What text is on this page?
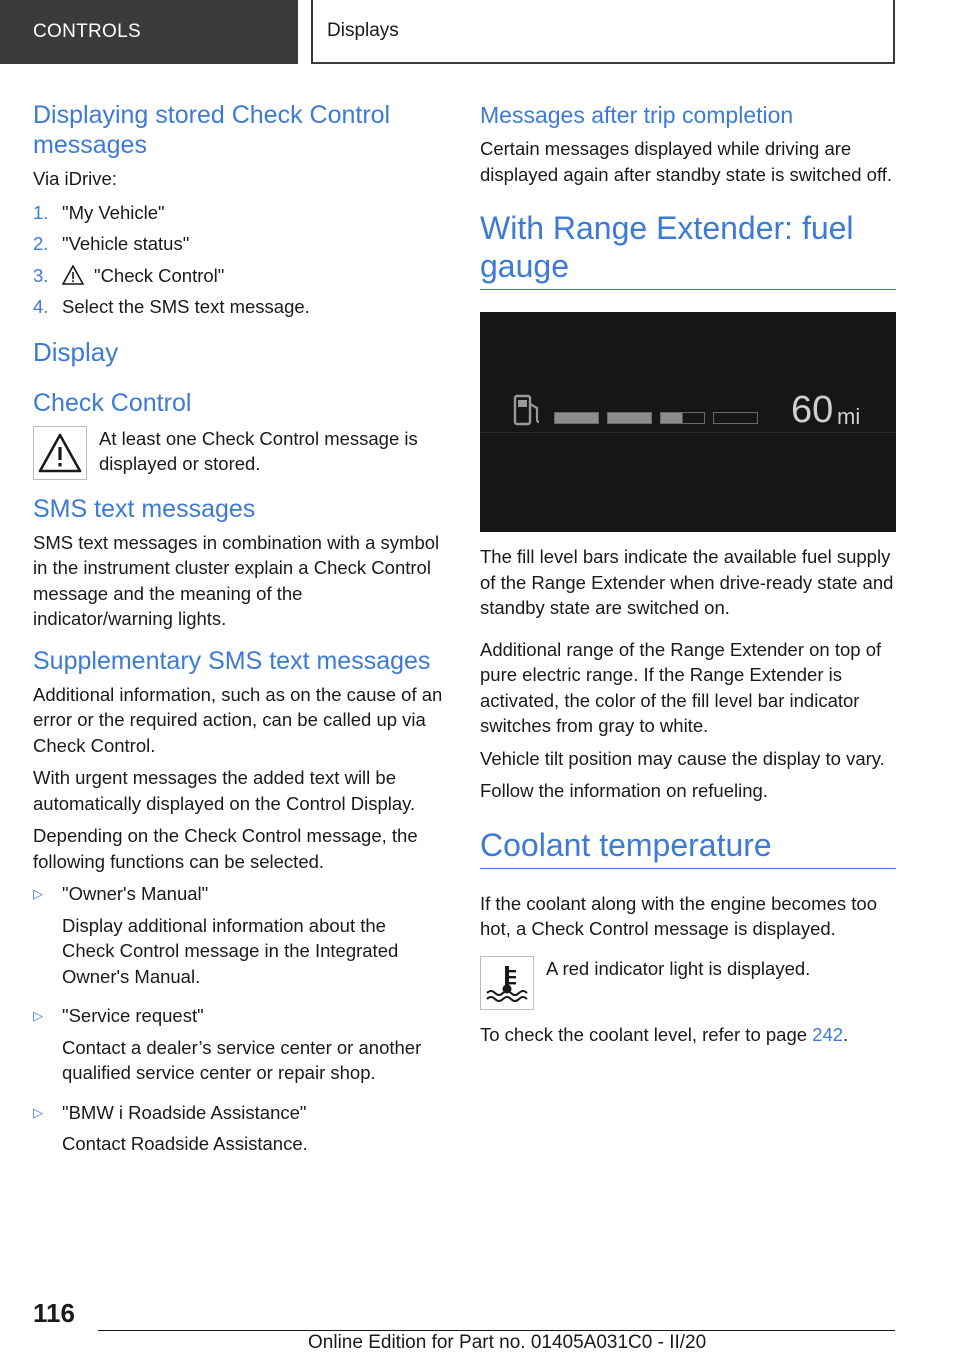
CONTROLS	Displays
Displaying stored Check Control messages

Via iDrive:

1. "My Vehicle"
2. "Vehicle status"
3.	"Check Control"
4. Select the SMS text message.
Display
Check Control

At least one Check Control message is displayed or stored.

SMS text messages

SMS text messages in combination with a symbol in the instrument cluster explain a Check Control message and the meaning of the indicator/warning lights.

Supplementary SMS text messages

Additional information, such as on the cause of an error or the required action, can be called up via Check Control.

With urgent messages the added text will be automatically displayed on the Control Display.

Depending on the Check Control message, the following functions can be selected.

▷	"Owner's Manual"

Display additional information about the Check Control message in the Integrated Owner's Manual.

▷	"Service request"

Contact a dealer’s service center or another qualified service center or repair shop.

▷	"BMW i Roadside Assistance"

Contact Roadside Assistance.

Messages after trip completion

Certain messages displayed while driving are displayed again after standby state is switched off.

With Range Extender: fuel gauge
60 mi

The fill level bars indicate the available fuel supply of the Range Extender when drive-ready state and standby state are switched on.

Additional range of the Range Extender on top of pure electric range. If the Range Extender is activated, the color of the fill level bar indicator switches from gray to white.

Vehicle tilt position may cause the display to vary.

Follow the information on refueling.

Coolant temperature

If the coolant along with the engine becomes too hot, a Check Control message is displayed.

A red indicator light is displayed.

To check the coolant level, refer to page 242.

116
Online Edition for Part no. 01405A031C0 - II/20
